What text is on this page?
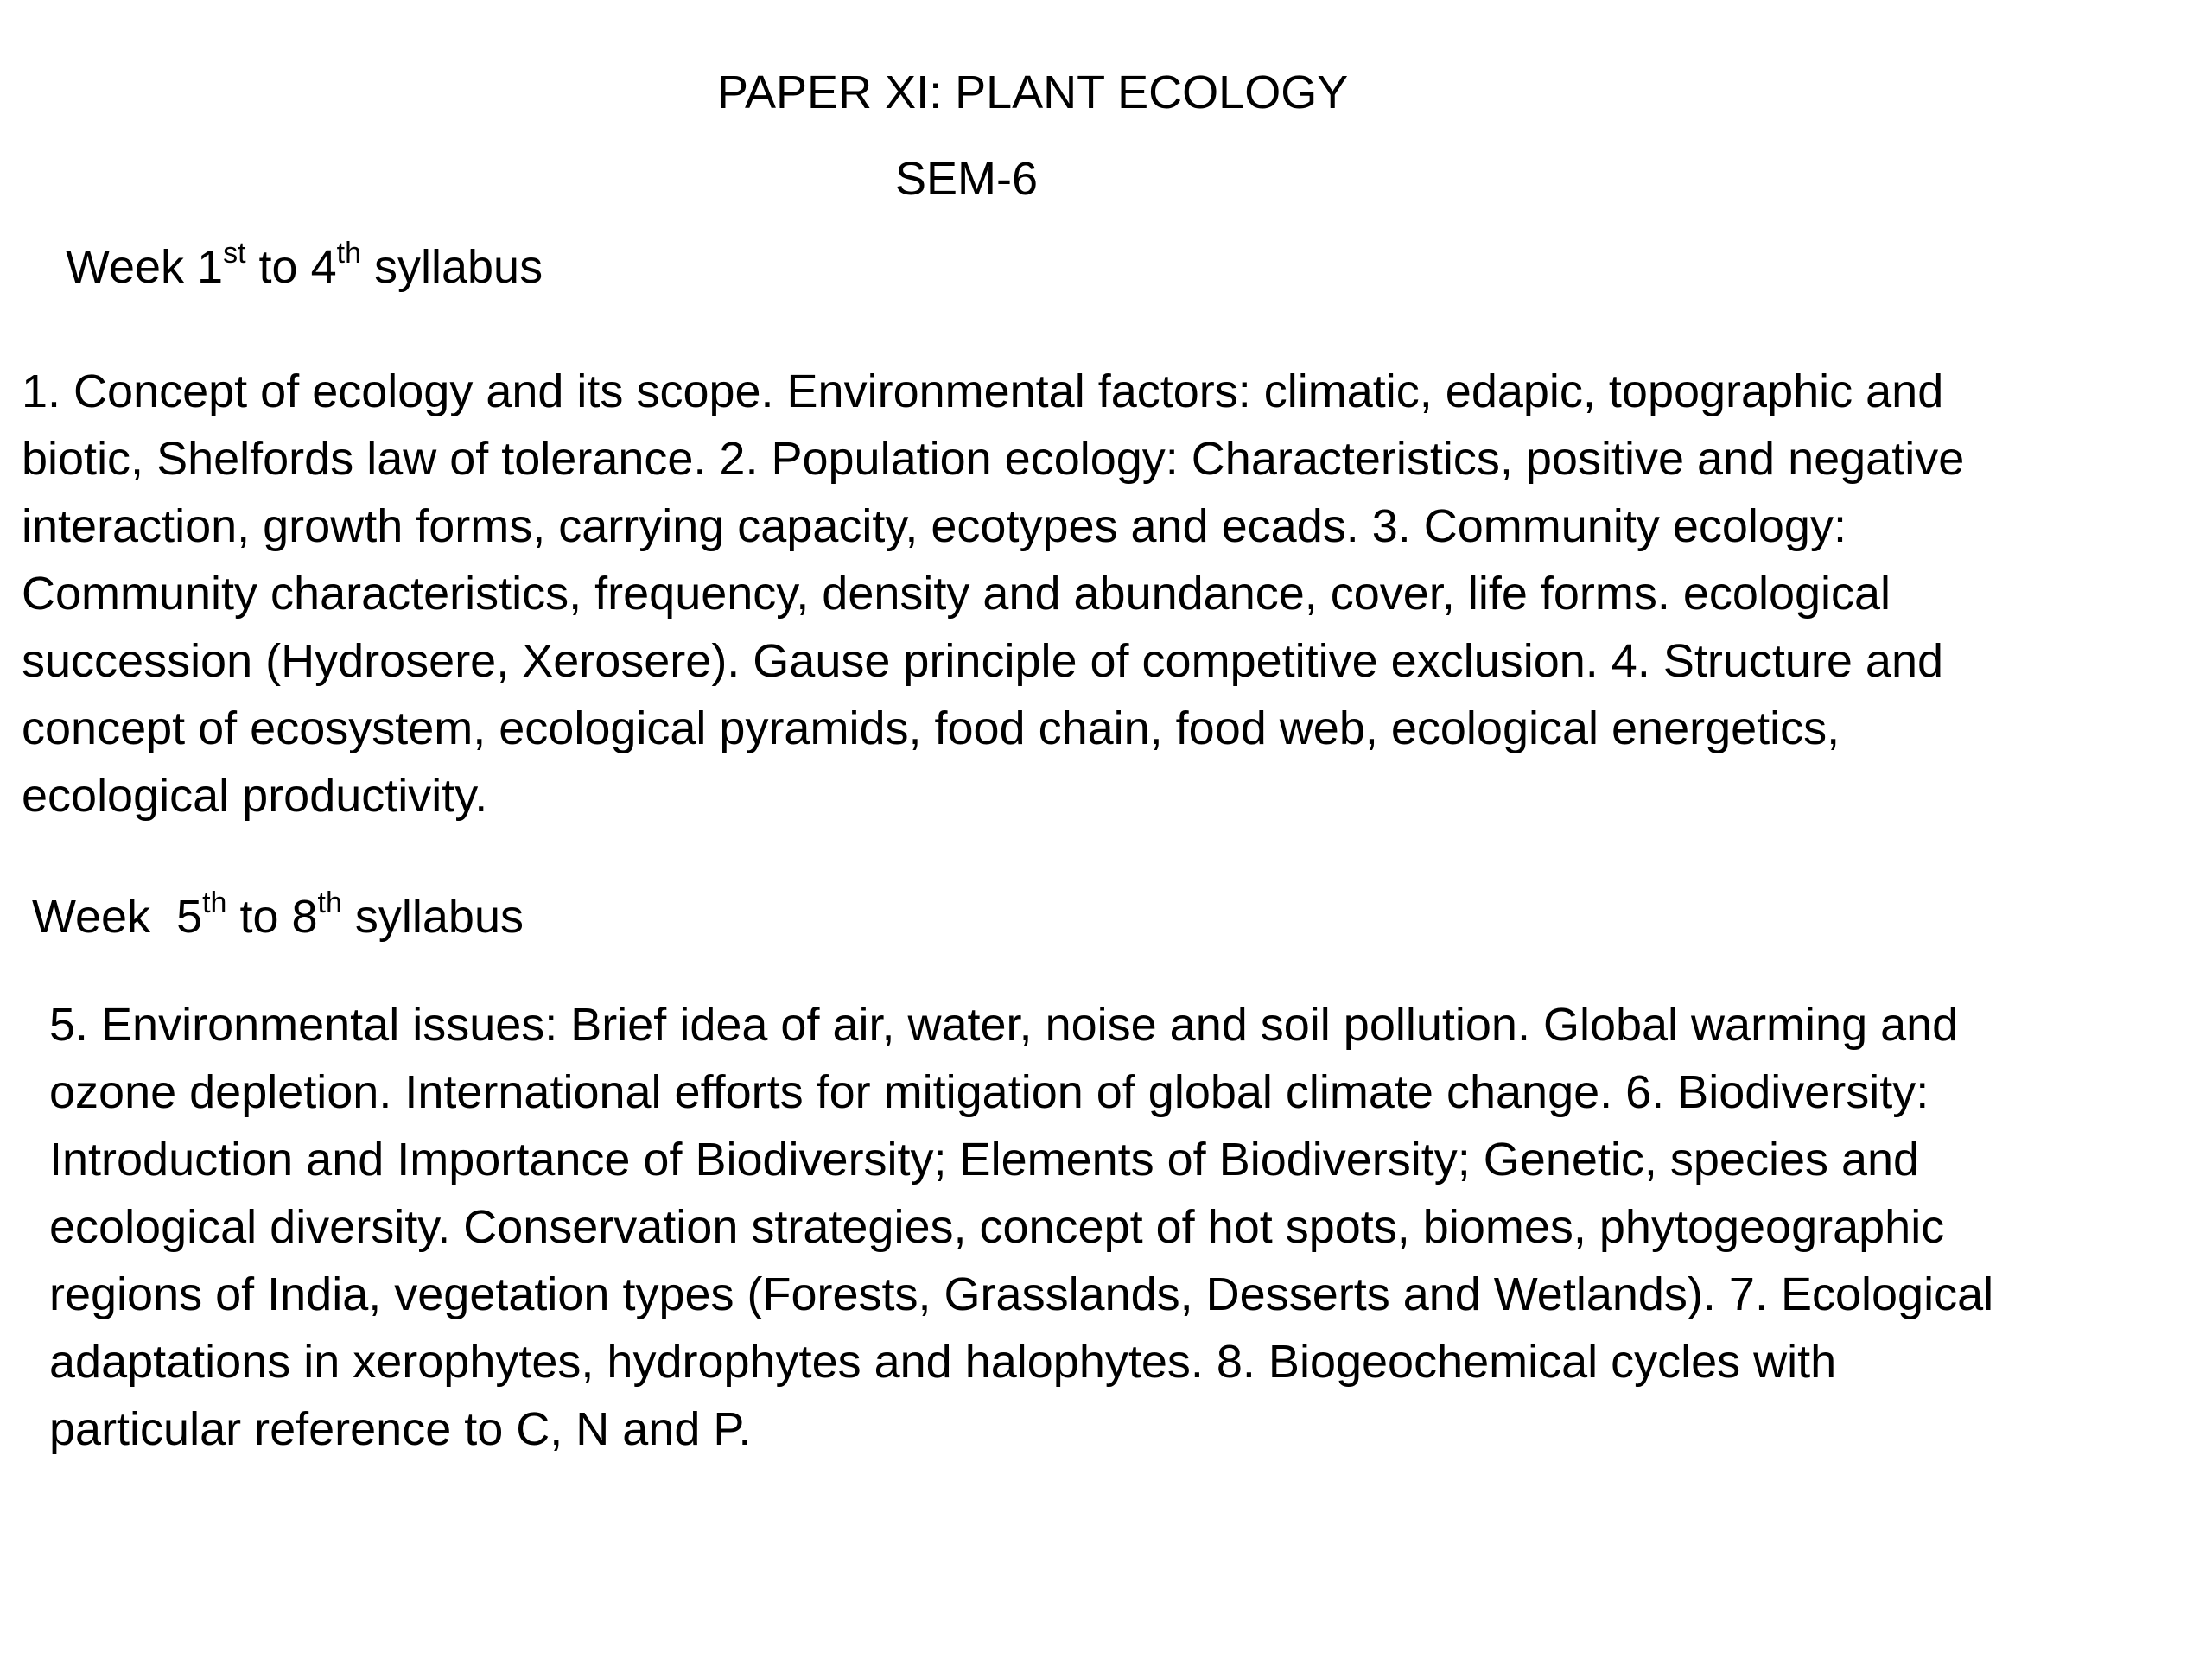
PAPER XI: PLANT ECOLOGY
SEM-6
Week 1st to 4th syllabus
1. Concept of ecology and its scope. Environmental factors: climatic, edapic, topographic and
biotic, Shelfords law of tolerance. 2. Population ecology: Characteristics, positive and negative
interaction, growth forms, carrying capacity, ecotypes and ecads. 3. Community ecology:
Community characteristics, frequency, density and abundance, cover, life forms. ecological
succession (Hydrosere, Xerosere). Gause principle of competitive exclusion. 4. Structure and
concept of ecosystem, ecological pyramids, food chain, food web, ecological energetics,
ecological productivity.
Week  5th to 8th syllabus
5. Environmental issues: Brief idea of air, water, noise and soil pollution. Global warming and
ozone depletion. International efforts for mitigation of global climate change. 6. Biodiversity:
Introduction and Importance of Biodiversity; Elements of Biodiversity; Genetic, species and
ecological diversity. Conservation strategies, concept of hot spots, biomes, phytogeographic
regions of India, vegetation types (Forests, Grasslands, Desserts and Wetlands). 7. Ecological
adaptations in xerophytes, hydrophytes and halophytes. 8. Biogeochemical cycles with
particular reference to C, N and P.
